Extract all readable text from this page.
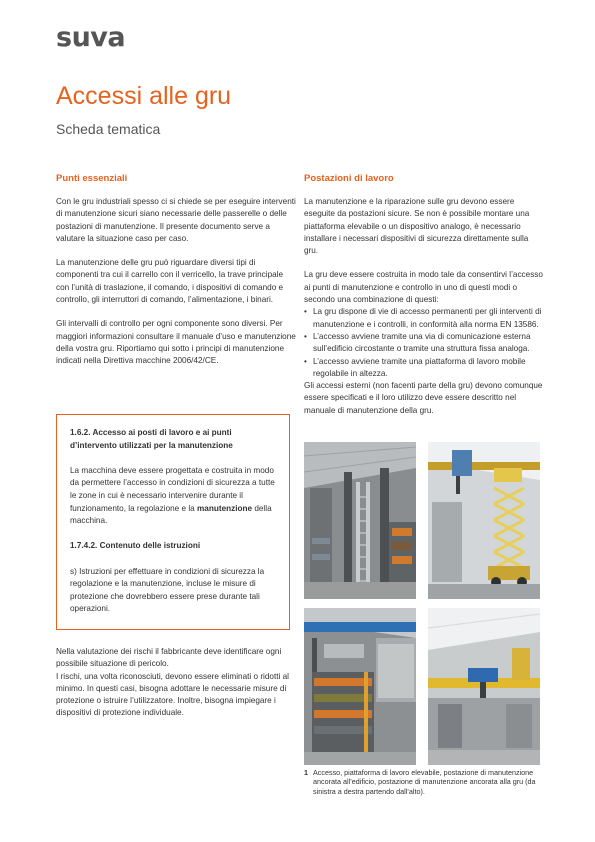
suva
Accessi alle gru
Scheda tematica
Punti essenziali	Postazioni di lavoro

Con le gru industriali spesso ci si chiede se per eseguire interventi di manutenzione sicuri siano necessarie delle passerelle o delle postazioni di manutenzione. Il presente documento serve a valutare la situazione caso per caso.

La manutenzione delle gru può riguardare diversi tipi di componenti tra cui il carrello con il verricello, la trave principale con l’unità di traslazione, il comando, i dispositivi di comando e controllo, gli interruttori di comando, l’alimentazione, i binari.

Gli intervalli di controllo per ogni componente sono diversi. Per maggiori informazioni consultare il manuale d’uso e manutenzione della vostra gru. Riportiamo qui sotto i principi di manutenzione indicati nella Direttiva macchine 2006/42/CE.

1.6.2. Accesso ai posti di lavoro e ai punti d’intervento utilizzati per la manutenzione

La macchina deve essere progettata e costruita in modo da permettere l’accesso in condizioni di sicurezza a tutte le zone in cui è necessario intervenire durante il funzionamento, la regolazione e la manutenzione della macchina.

1.7.4.2. Contenuto delle istruzioni

s) Istruzioni per effettuare in condizioni di sicurezza la regolazione e la manutenzione, incluse le misure di protezione che dovrebbero essere prese durante tali operazioni.

Nella valutazione dei rischi il fabbricante deve identificare ogni possibile situazione di pericolo.

I rischi, una volta riconosciuti, devono essere eliminati o ridotti al minimo. In questi casi, bisogna adottare le necessarie misure di protezione o istruire l’utilizzatore. Inoltre, bisogna impiegare i dispositivi di protezione individuale.

La manutenzione e la riparazione sulle gru devono essere eseguite da postazioni sicure. Se non è possibile montare una piattaforma elevabile o un dispositivo analogo, è necessario installare i necessari dispositivi di sicurezza direttamente sulla gru.

La gru deve essere costruita in modo tale da consentirvi l’accesso ai punti di manutenzione e controllo in uno di questi modi o secondo una combinazione di questi:

• La gru dispone di vie di accesso permanenti per gli interventi di manutenzione e i controlli, in conformità alla norma EN 13586.
• L’accesso avviene tramite una via di comunicazione esterna sull’edificio circostante o tramite una struttura fissa analoga.
• L’accesso avviene tramite una piattaforma di lavoro mobile regolabile in altezza.

Gli accessi esterni (non facenti parte della gru) devono comunque essere specificati e il loro utilizzo deve essere descritto nel manuale di manutenzione della gru.

1 Accesso, piattaforma di lavoro elevabile, postazione di manutenzione ancorata all’edificio, postazione di manutenzione ancorata alla gru (da sinistra a destra partendo dall’alto).
